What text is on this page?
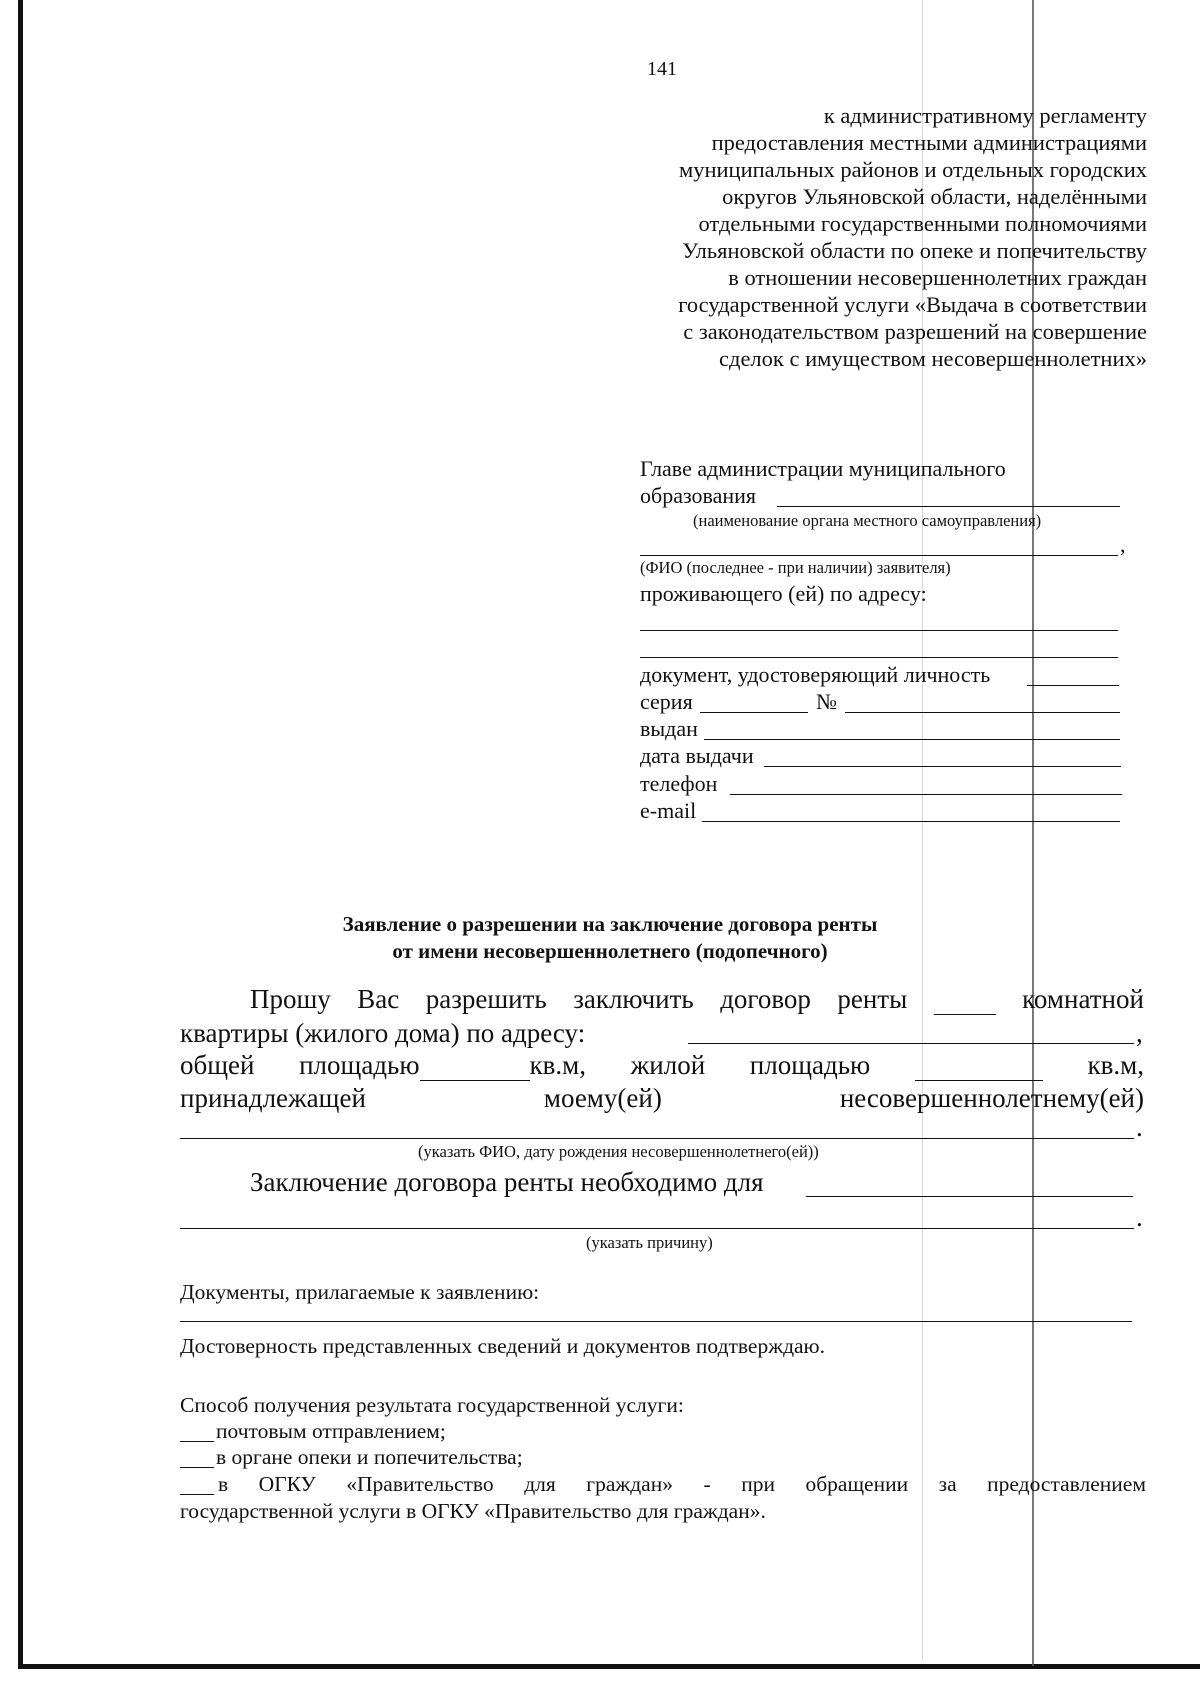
141
к административному регламенту
предоставления местными администрациями
муниципальных районов и отдельных городских
округов Ульяновской области, наделёнными
отдельными государственными полномочиями
Ульяновской области по опеке и попечительству
в отношении несовершеннолетних граждан
государственной услуги «Выдача в соответствии
с законодательством разрешений на совершение
сделок с имуществом несовершеннолетних»
Главе администрации муниципального
образования
(наименование органа местного самоуправления)
,
(ФИО (последнее - при наличии) заявителя)
проживающего (ей) по адресу:
документ, удостоверяющий личность
серия	№
выдан
дата выдачи
телефон
e-mail
Заявление о разрешении на заключение договора ренты
от имени несовершеннолетнего (подопечного)
Прошу Вас разрешить заключить договор ренты	комнатной
квартиры (жилого дома) по адресу:	,
общей площадью	кв.м, жилой площадью	кв.м,
принадлежащей	моему(ей)	несовершеннолетнему(ей)
.
(указать ФИО, дату рождения несовершеннолетнего(ей))
Заключение договора ренты необходимо для
.
(указать причину)
Документы, прилагаемые к заявлению:
Достоверность представленных сведений и документов подтверждаю.
Способ получения результата государственной услуги:
почтовым отправлением;
в органе опеки и попечительства;
в ОГКУ «Правительство для граждан» - при обращении за предоставлением
государственной услуги в ОГКУ «Правительство для граждан».
